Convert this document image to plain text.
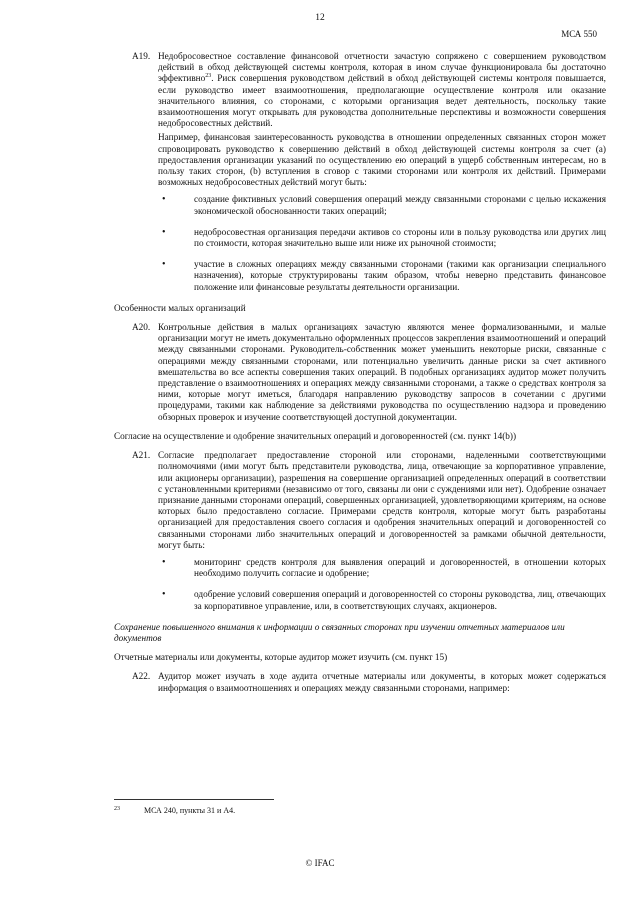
12
МСА 550
A19. Недобросовестное составление финансовой отчетности зачастую сопряжено с совершением руководством действий в обход действующей системы контроля, которая в ином случае функционировала бы достаточно эффективно$^{23}$. Риск совершения руководством действий в обход действующей системы контроля повышается, если руководство имеет взаимоотношения, предполагающие осуществление контроля или оказание значительного влияния, со сторонами, с которыми организация ведет деятельность, поскольку такие взаимоотношения могут открывать для руководства дополнительные перспективы и возможности совершения недобросовестных действий.

Например, финансовая заинтересованность руководства в отношении определенных связанных сторон может спровоцировать руководство к совершению действий в обход действующей системы контроля за счет (a) предоставления организации указаний по осуществлению ею операций в ущерб собственным интересам, но в пользу таких сторон, (b) вступления в сговор с такими сторонами или контроля их действий. Примерами возможных недобросовестных действий могут быть:

•	создание фиктивных условий совершения операций между связанными сторонами с целью искажения экономической обоснованности таких операций;
•	недобросовестная организация передачи активов со стороны или в пользу руководства или других лиц по стоимости, которая значительно выше или ниже их рыночной стоимости;
•	участие в сложных операциях между связанными сторонами (такими как организации специального назначения), которые структурированы таким образом, чтобы неверно представить финансовое положение или финансовые результаты деятельности организации.
Особенности малых организаций
A20. Контрольные действия в малых организациях зачастую являются менее формализованными, и малые организации могут не иметь документально оформленных процессов закрепления взаимоотношений и операций между связанными сторонами. Руководитель-собственник может уменьшить некоторые риски, связанные с операциями между связанными сторонами, или потенциально увеличить данные риски за счет активного вмешательства во все аспекты совершения таких операций. В подобных организациях аудитор может получить представление о взаимоотношениях и операциях между связанными сторонами, а также о средствах контроля за ними, которые могут иметься, благодаря направлению руководству запросов в сочетании с другими процедурами, такими как наблюдение за действиями руководства по осуществлению надзора и проведению обзорных проверок и изучение соответствующей доступной документации.

Согласие на осуществление и одобрение значительных операций и договоренностей (см. пункт 14(b))
A21. Согласие предполагает предоставление стороной или сторонами, наделенными соответствующими полномочиями (ими могут быть представители руководства, лица, отвечающие за корпоративное управление, или акционеры организации), разрешения на совершение организацией определенных операций в соответствии с установленными критериями (независимо от того, связаны ли они с суждениями или нет). Одобрение означает признание данными сторонами операций, совершенных организацией, удовлетворяющими критериям, на основе которых было предоставлено согласие. Примерами средств контроля, которые могут быть разработаны организацией для предоставления своего согласия и одобрения значительных операций и договоренностей со связанными сторонами либо значительных операций и договоренностей за рамками обычной деятельности, могут быть:

•	мониторинг средств контроля для выявления операций и договоренностей, в отношении которых необходимо получить согласие и одобрение;
•	одобрение условий совершения операций и договоренностей со стороны руководства, лиц, отвечающих за корпоративное управление, или, в соответствующих случаях, акционеров.
Сохранение повышенного внимания к информации о связанных сторонах при изучении отчетных материалов или документов
Отчетные материалы или документы, которые аудитор может изучить (см. пункт 15)
A22. Аудитор может изучать в ходе аудита отчетные материалы или документы, в которых может содержаться информация о взаимоотношениях и операциях между связанными сторонами, например:

23	МСА 240, пункты 31 и A4.
© IFAC
